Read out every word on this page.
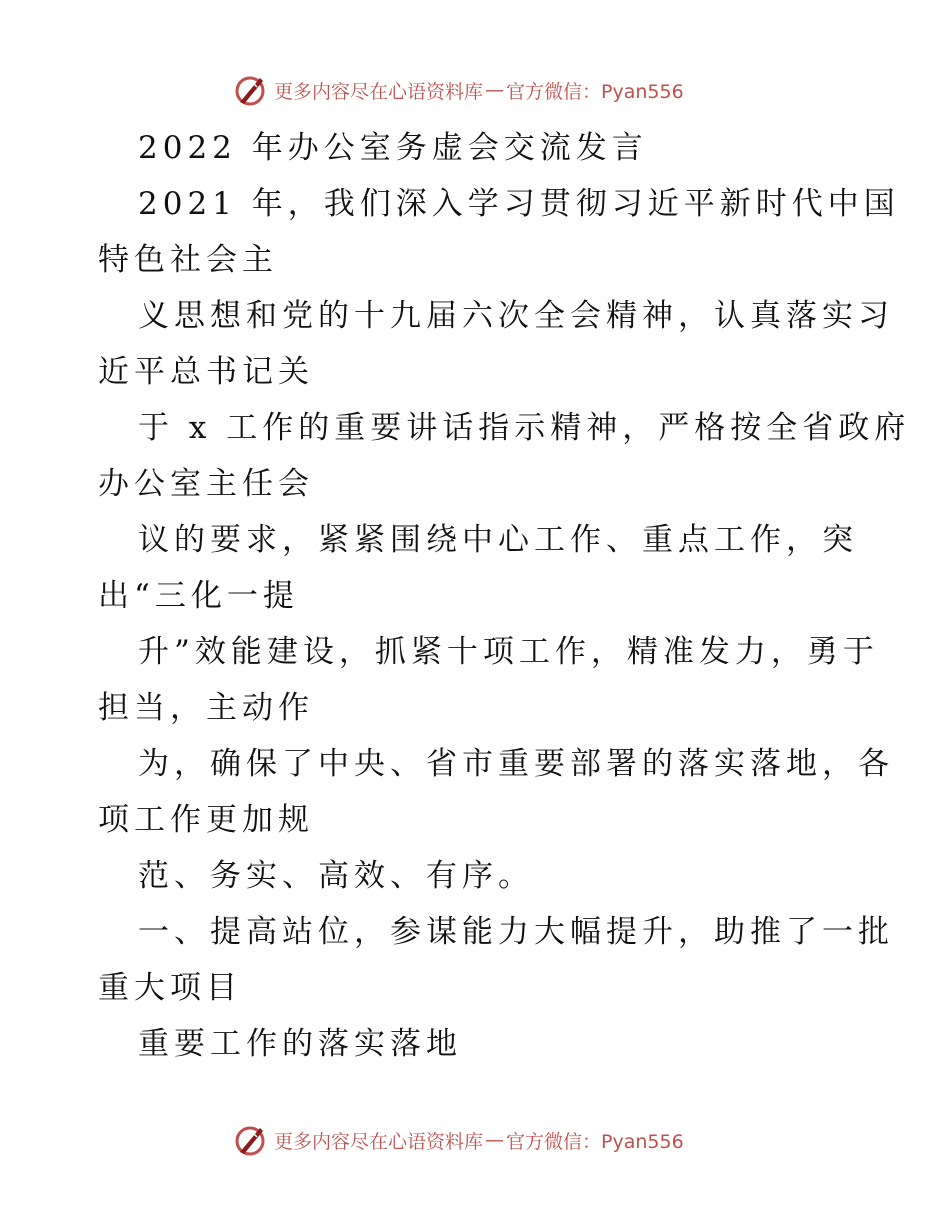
更多内容尽在心语资料库 — 官方微信：Pyan556
2022 年办公室务虚会交流发言
2021 年，我们深入学习贯彻习近平新时代中国
特色社会主
义思想和党的十九届六次全会精神，认真落实习
近平总书记关
于 x 工作的重要讲话指示精神，严格按全省政府
办公室主任会
议的要求，紧紧围绕中心工作、重点工作，突
出“三化一提
升”效能建设，抓紧十项工作，精准发力，勇于
担当，主动作
为，确保了中央、省市重要部署的落实落地，各
项工作更加规
范、务实、高效、有序。
一、提高站位，参谋能力大幅提升，助推了一批
重大项目
重要工作的落实落地
更多内容尽在心语资料库 — 官方微信：Pyan556
